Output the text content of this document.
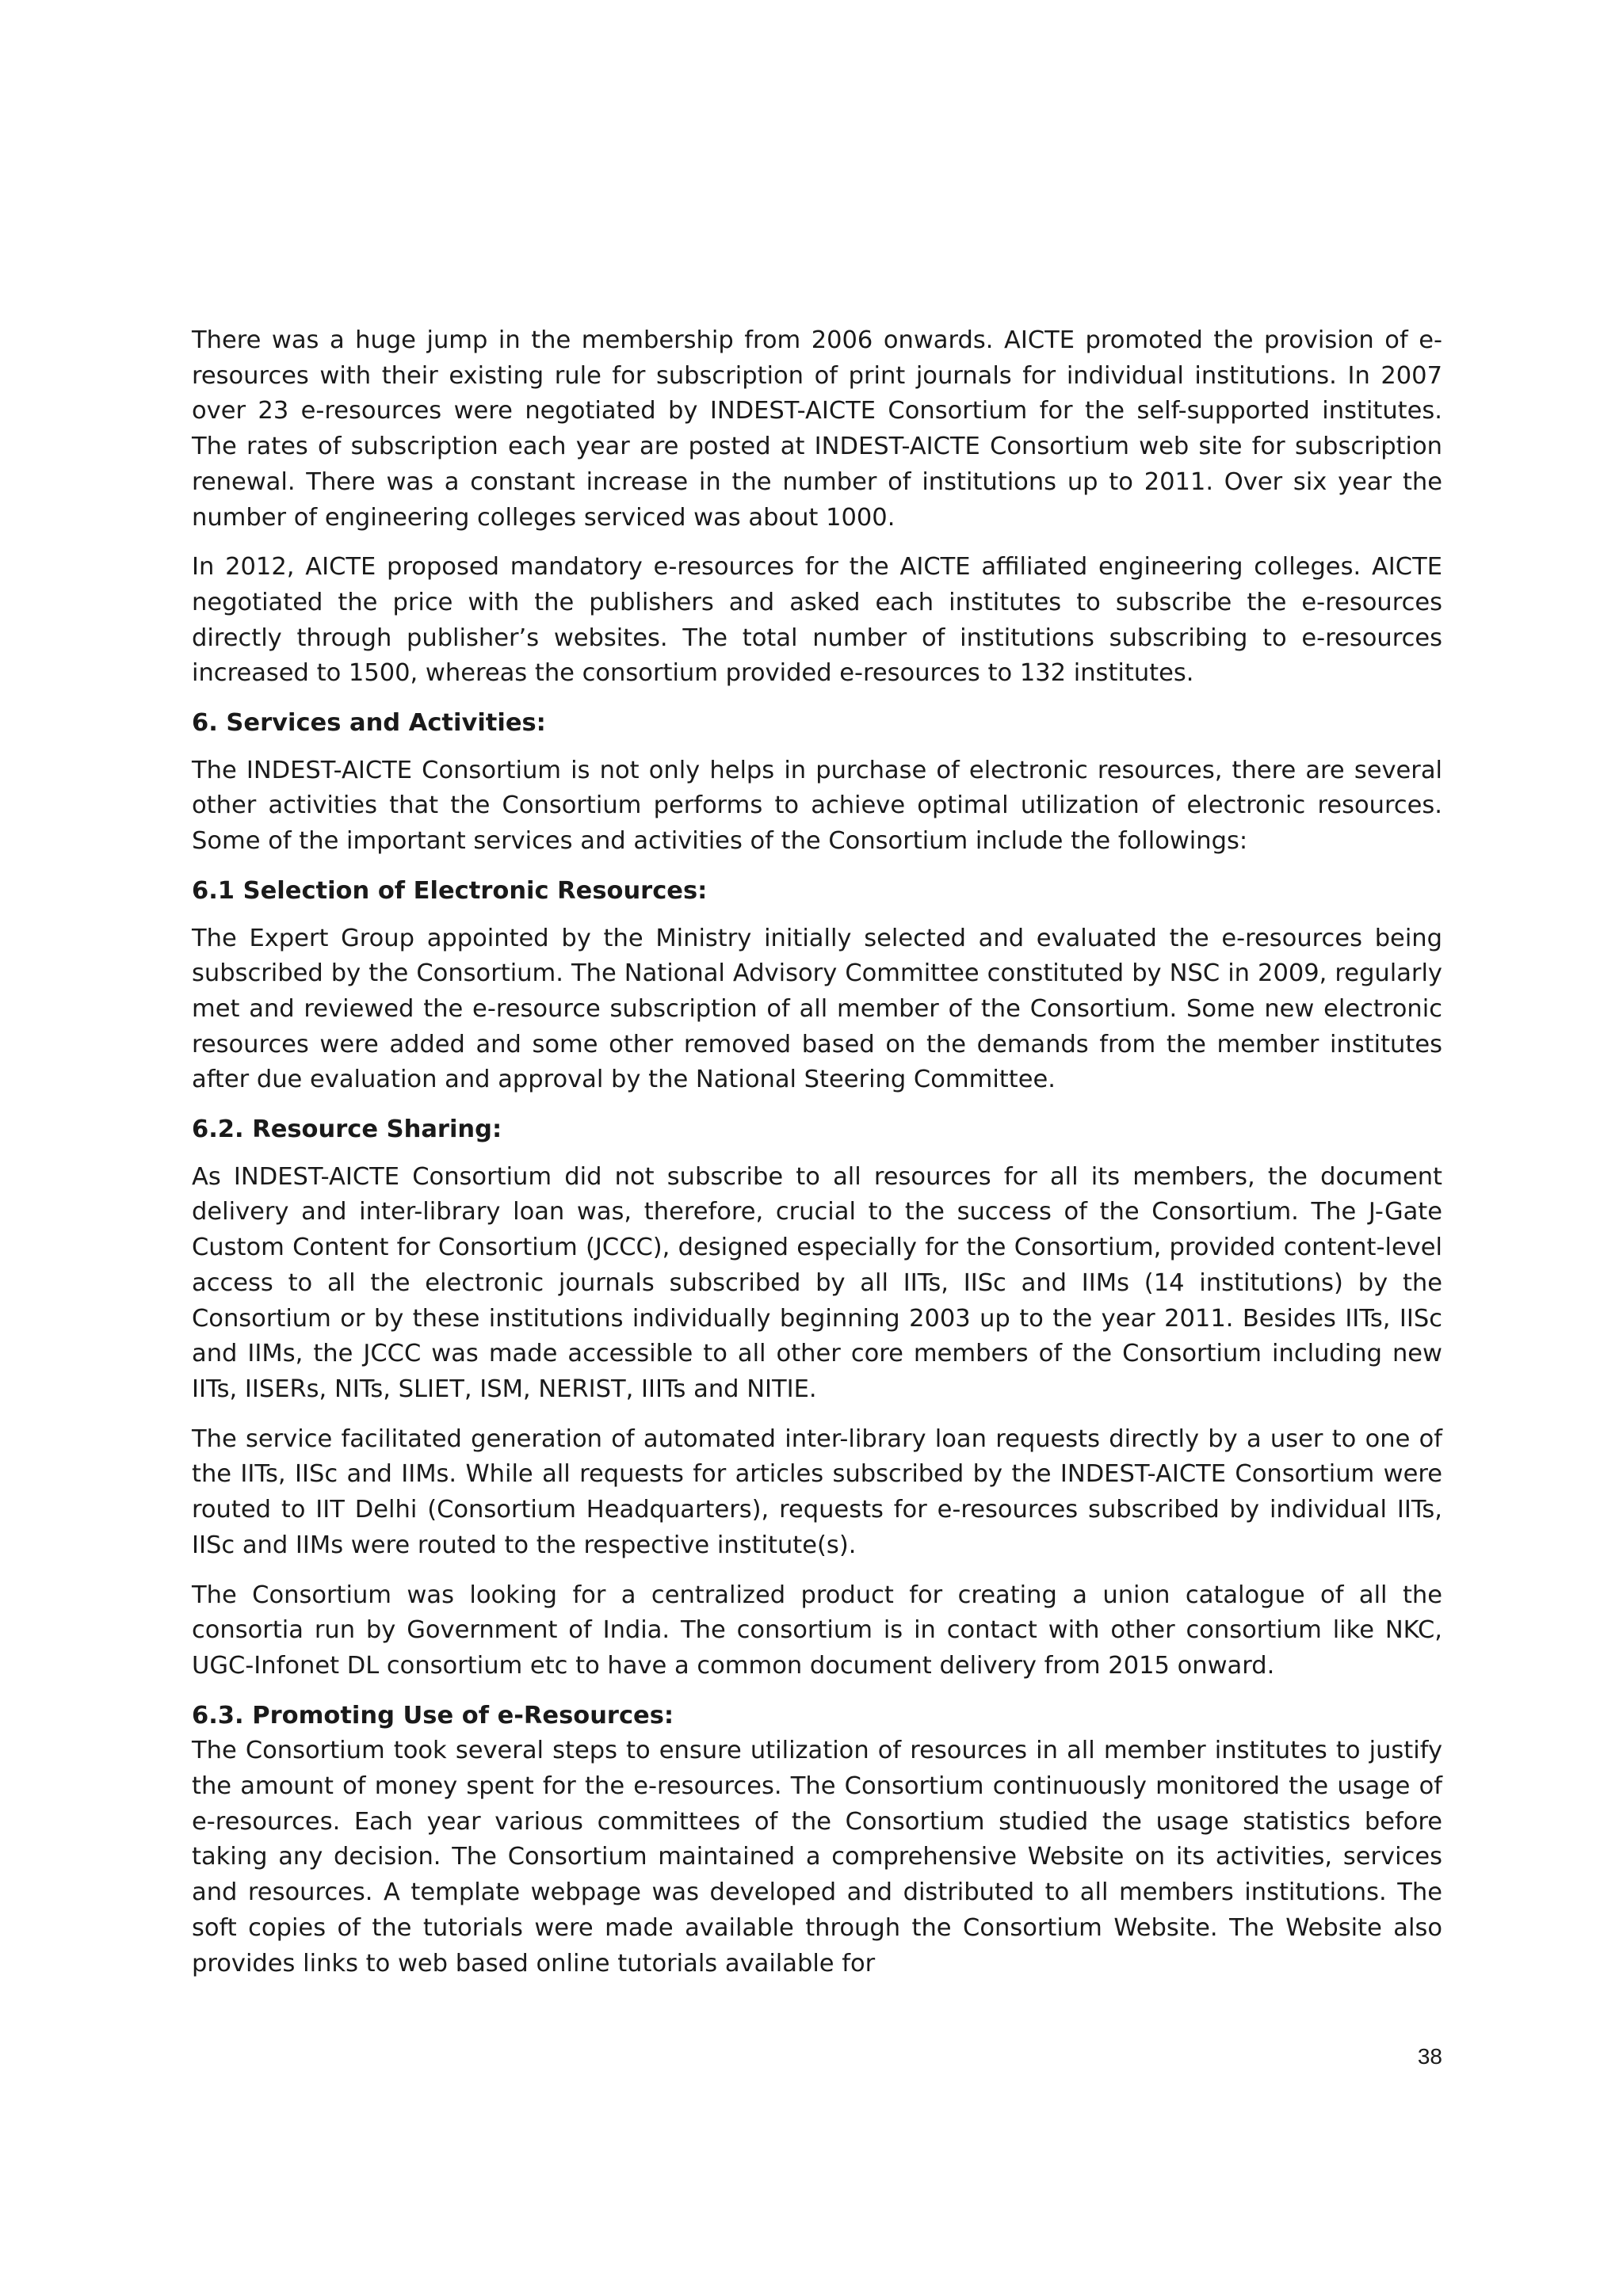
There was a huge jump in the membership from 2006 onwards. AICTE promoted the provision of e-resources with their existing rule for subscription of print journals for individual institutions. In 2007 over 23 e-resources were negotiated by INDEST-AICTE Consortium for the self-supported institutes. The rates of subscription each year are posted at INDEST-AICTE Consortium web site for subscription renewal. There was a constant increase in the number of institutions up to 2011. Over six year the number of engineering colleges serviced was about 1000.

In 2012, AICTE proposed mandatory e-resources for the AICTE affiliated engineering colleges. AICTE negotiated the price with the publishers and asked each institutes to subscribe the e-resources directly through publisher’s websites. The total number of institutions subscribing to e-resources increased to 1500, whereas the consortium provided e-resources to 132 institutes.

6. Services and Activities:

The INDEST-AICTE Consortium is not only helps in purchase of electronic resources, there are several other activities that the Consortium performs to achieve optimal utilization of electronic resources. Some of the important services and activities of the Consortium include the followings:

6.1 Selection of Electronic Resources:

The Expert Group appointed by the Ministry initially selected and evaluated the e-resources being subscribed by the Consortium. The National Advisory Committee constituted by NSC in 2009, regularly met and reviewed the e-resource subscription of all member of the Consortium. Some new electronic resources were added and some other removed based on the demands from the member institutes after due evaluation and approval by the National Steering Committee.

6.2. Resource Sharing:

As INDEST-AICTE Consortium did not subscribe to all resources for all its members, the document delivery and inter-library loan was, therefore, crucial to the success of the Consortium. The J-Gate Custom Content for Consortium (JCCC), designed especially for the Consortium, provided content-level access to all the electronic journals subscribed by all IITs, IISc and IIMs (14 institutions) by the Consortium or by these institutions individually beginning 2003 up to the year 2011. Besides IITs, IISc and IIMs, the JCCC was made accessible to all other core members of the Consortium including new IITs, IISERs, NITs, SLIET, ISM, NERIST, IIITs and NITIE.

The service facilitated generation of automated inter-library loan requests directly by a user to one of the IITs, IISc and IIMs. While all requests for articles subscribed by the INDEST-AICTE Consortium were routed to IIT Delhi (Consortium Headquarters), requests for e-resources subscribed by individual IITs, IISc and IIMs were routed to the respective institute(s).

The Consortium was looking for a centralized product for creating a union catalogue of all the consortia run by Government of India. The consortium is in contact with other consortium like NKC, UGC-Infonet DL consortium etc to have a common document delivery from 2015 onward.

6.3. Promoting Use of e-Resources:

The Consortium took several steps to ensure utilization of resources in all member institutes to justify the amount of money spent for the e-resources. The Consortium continuously monitored the usage of e-resources. Each year various committees of the Consortium studied the usage statistics before taking any decision. The Consortium maintained a comprehensive Website on its activities, services and resources. A template webpage was developed and distributed to all members institutions. The soft copies of the tutorials were made available through the Consortium Website. The Website also provides links to web based online tutorials available for

38
